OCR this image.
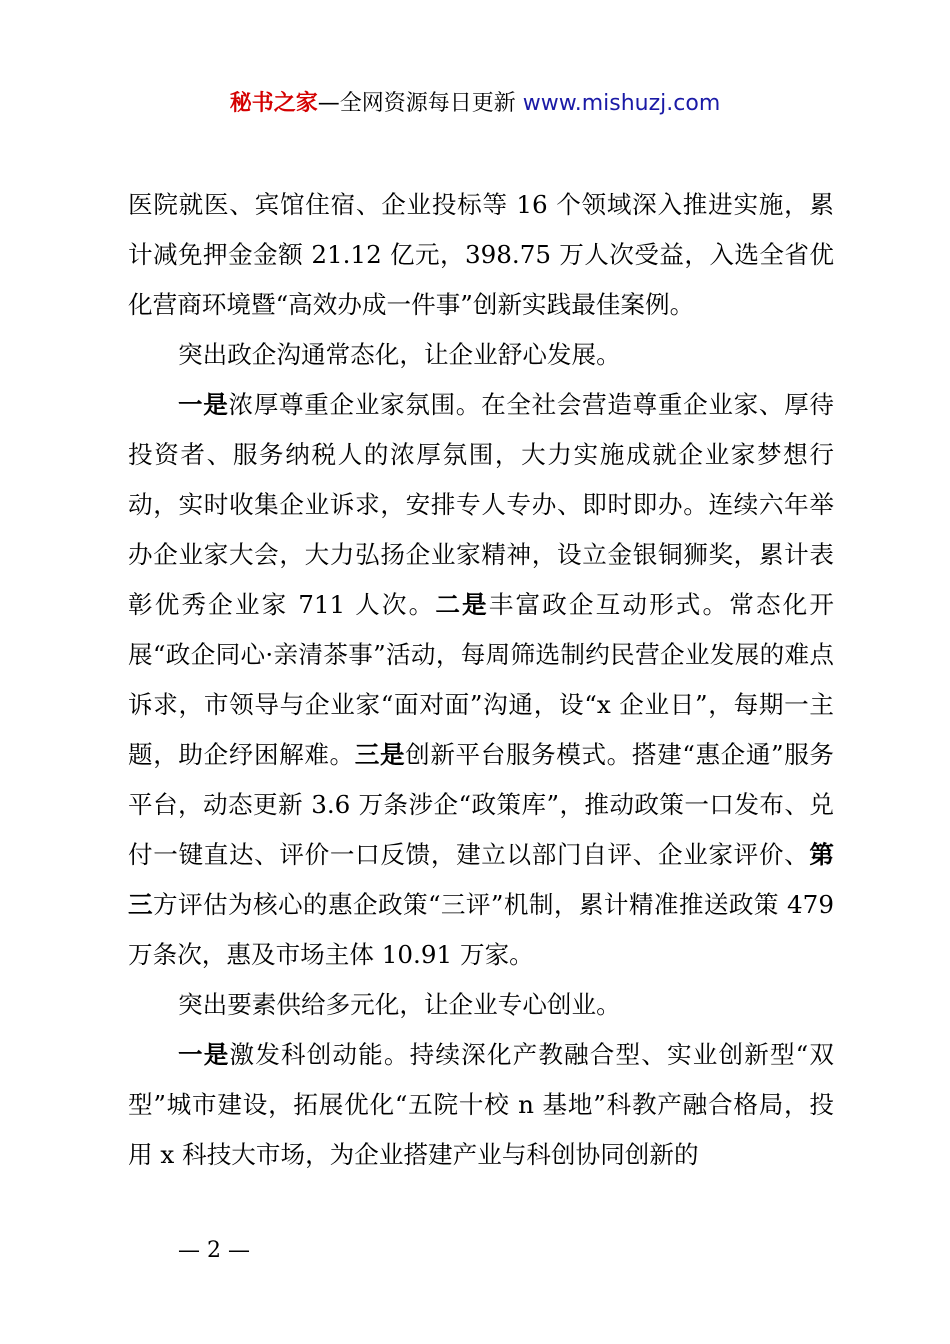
秘书之家—全网资源每日更新 www.mishuzj.com

医院就医、宾馆住宿、企业投标等 16 个领域深入推进实施，累计减免押金金额 21.12 亿元，398.75 万人次受益，入选全省优化营商环境暨“高效办成一件事”创新实践最佳案例。

突出政企沟通常态化，让企业舒心发展。

一是浓厚尊重企业家氛围。在全社会营造尊重企业家、厚待投资者、服务纳税人的浓厚氛围，大力实施成就企业家梦想行动，实时收集企业诉求，安排专人专办、即时即办。连续六年举办企业家大会，大力弘扬企业家精神，设立金银铜狮奖，累计表彰优秀企业家 711 人次。二是丰富政企互动形式。常态化开展“政企同心·亲清茶事”活动，每周筛选制约民营企业发展的难点诉求，市领导与企业家“面对面”沟通，设“x 企业日”，每期一主题，助企纾困解难。三是创新平台服务模式。搭建“惠企通”服务平台，动态更新 3.6 万条涉企“政策库”，推动政策一口发布、兑付一键直达、评价一口反馈，建立以部门自评、企业家评价、第三方评估为核心的惠企政策“三评”机制，累计精准推送政策 479 万条次，惠及市场主体 10.91 万家。

突出要素供给多元化，让企业专心创业。

一是激发科创动能。持续深化产教融合型、实业创新型“双型”城市建设，拓展优化“五院十校 n 基地”科教产融合格局，投用 x 科技大市场，为企业搭建产业与科创协同创新的

— 2 —
